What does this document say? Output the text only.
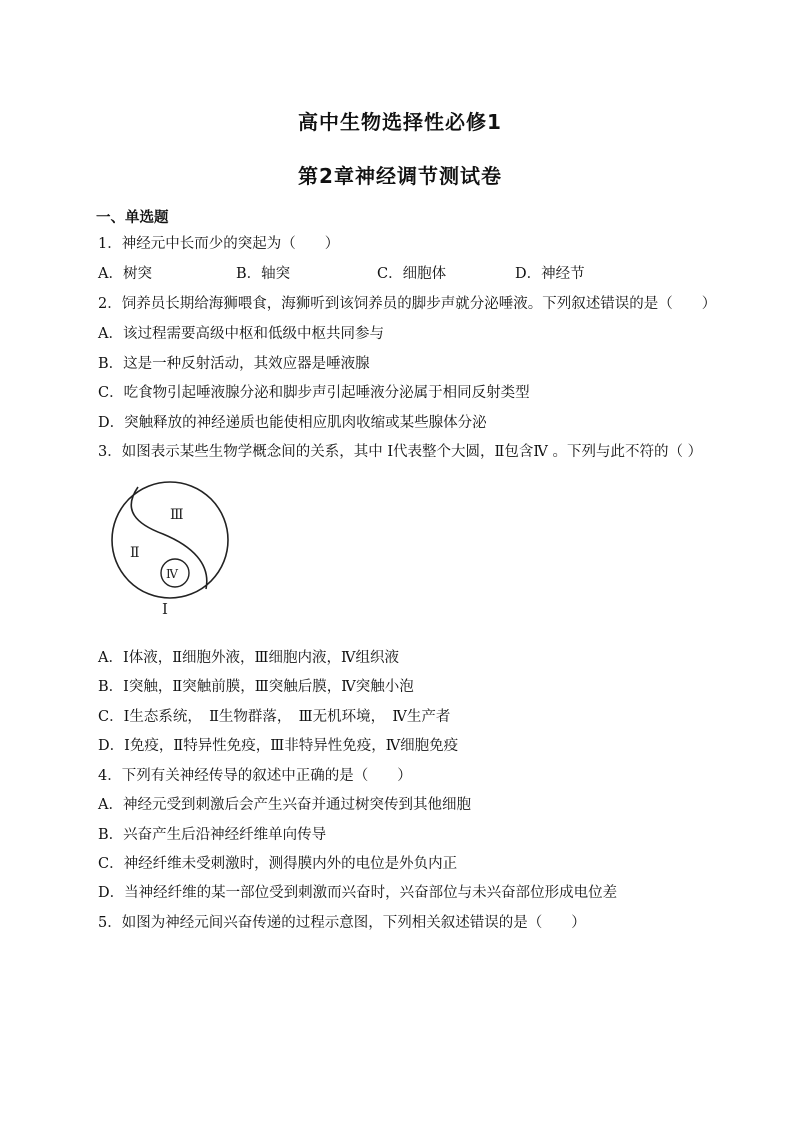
高中生物选择性必修1
第2章神经调节测试卷
一、单选题
1．神经元中长而少的突起为（　　）
A．树突	B．轴突	C．细胞体	D．神经节
2．饲养员长期给海狮喂食，海狮听到该饲养员的脚步声就分泌唾液。下列叙述错误的是（　　）
A．该过程需要高级中枢和低级中枢共同参与
B．这是一种反射活动，其效应器是唾液腺
C．吃食物引起唾液腺分泌和脚步声引起唾液分泌属于相同反射类型
D．突触释放的神经递质也能使相应肌肉收缩或某些腺体分泌
3．如图表示某些生物学概念间的关系，其中 Ⅰ代表整个大圆，Ⅱ包含Ⅳ 。下列与此不符的（ ）
Ⅲ
Ⅱ
Ⅳ
Ⅰ
A．Ⅰ体液，Ⅱ细胞外液，Ⅲ细胞内液，Ⅳ组织液
B．Ⅰ突触，Ⅱ突触前膜，Ⅲ突触后膜，Ⅳ突触小泡
C．Ⅰ生态系统，　Ⅱ生物群落，　Ⅲ无机环境，　Ⅳ生产者
D．Ⅰ免疫，Ⅱ特异性免疫，Ⅲ非特异性免疫，Ⅳ细胞免疫
4．下列有关神经传导的叙述中正确的是（　　）
A．神经元受到刺激后会产生兴奋并通过树突传到其他细胞
B．兴奋产生后沿神经纤维单向传导
C．神经纤维未受刺激时，测得膜内外的电位是外负内正
D．当神经纤维的某一部位受到刺激而兴奋时，兴奋部位与未兴奋部位形成电位差
5．如图为神经元间兴奋传递的过程示意图，下列相关叙述错误的是（　　）
